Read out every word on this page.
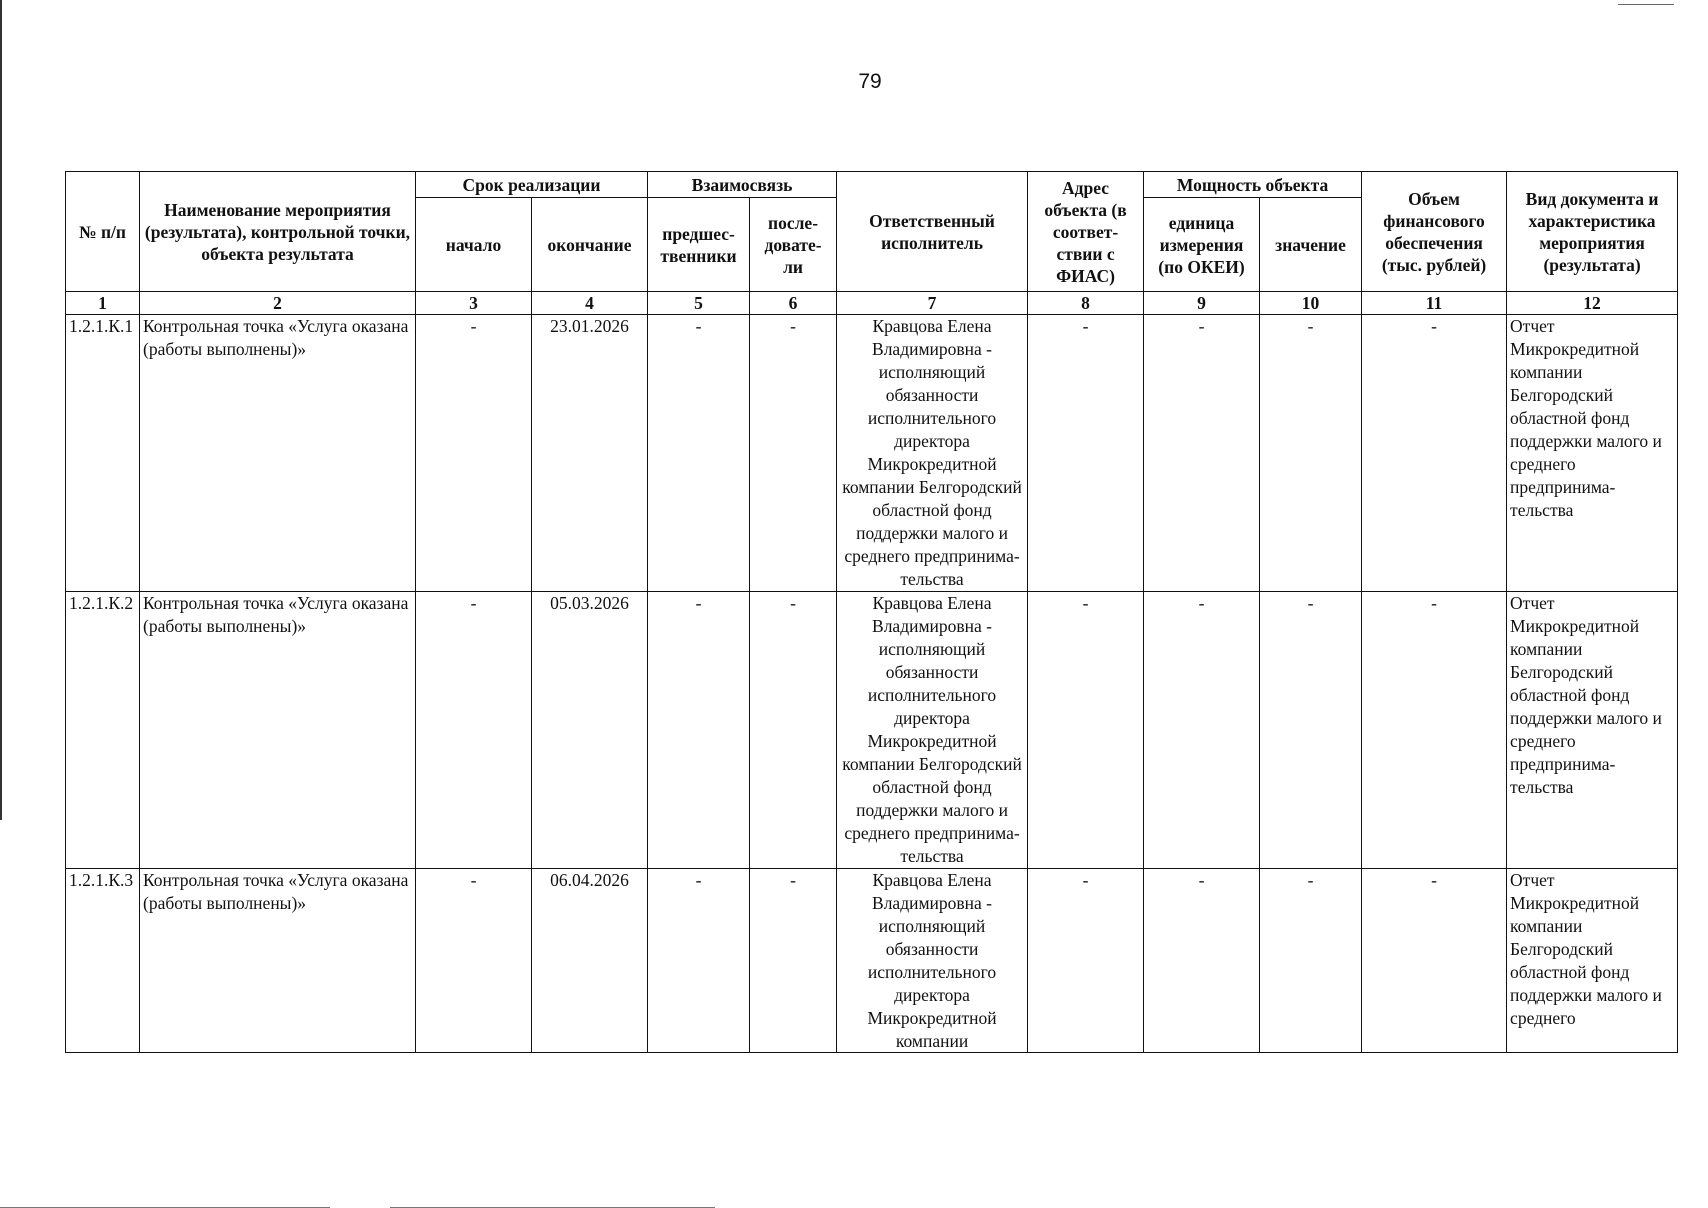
79
№ п/п	Наименование мероприятия (результата), контрольной точки, объекта результата	Срок реализации		Взаимосвязь		Ответственный исполнитель	Адрес объекта (в соответ- ствии с ФИАС)	Мощность объекта		Объем финансового обеспечения (тыс. рублей)	Вид документа и характеристика мероприятия (результата)
		начало	окончание	предшес- твенники	после- довате- ли			единица измерения (по ОКЕИ)	значение		
1	2	3	4	5	6	7	8	9	10	11	12
1.2.1.К.1	Контрольная точка «Услуга оказана (работы выполнены)»	-	23.01.2026	-	-	Кравцова Елена Владимировна - исполняющий обязанности исполнительного директора Микрокредитной компании Белгородский областной фонд поддержки малого и среднего предпринима- тельства	-	-	-	-	Отчет Микрокредитной компании Белгородский областной фонд поддержки малого и среднего предпринима- тельства
1.2.1.К.2	Контрольная точка «Услуга оказана (работы выполнены)»	-	05.03.2026	-	-	Кравцова Елена Владимировна - исполняющий обязанности исполнительного директора Микрокредитной компании Белгородский областной фонд поддержки малого и среднего предпринима- тельства	-	-	-	-	Отчет Микрокредитной компании Белгородский областной фонд поддержки малого и среднего предпринима- тельства
1.2.1.К.3	Контрольная точка «Услуга оказана (работы выполнены)»	-	06.04.2026	-	-	Кравцова Елена Владимировна - исполняющий обязанности исполнительного директора Микрокредитной компании	-	-	-	-	Отчет Микрокредитной компании Белгородский областной фонд поддержки малого и среднего
